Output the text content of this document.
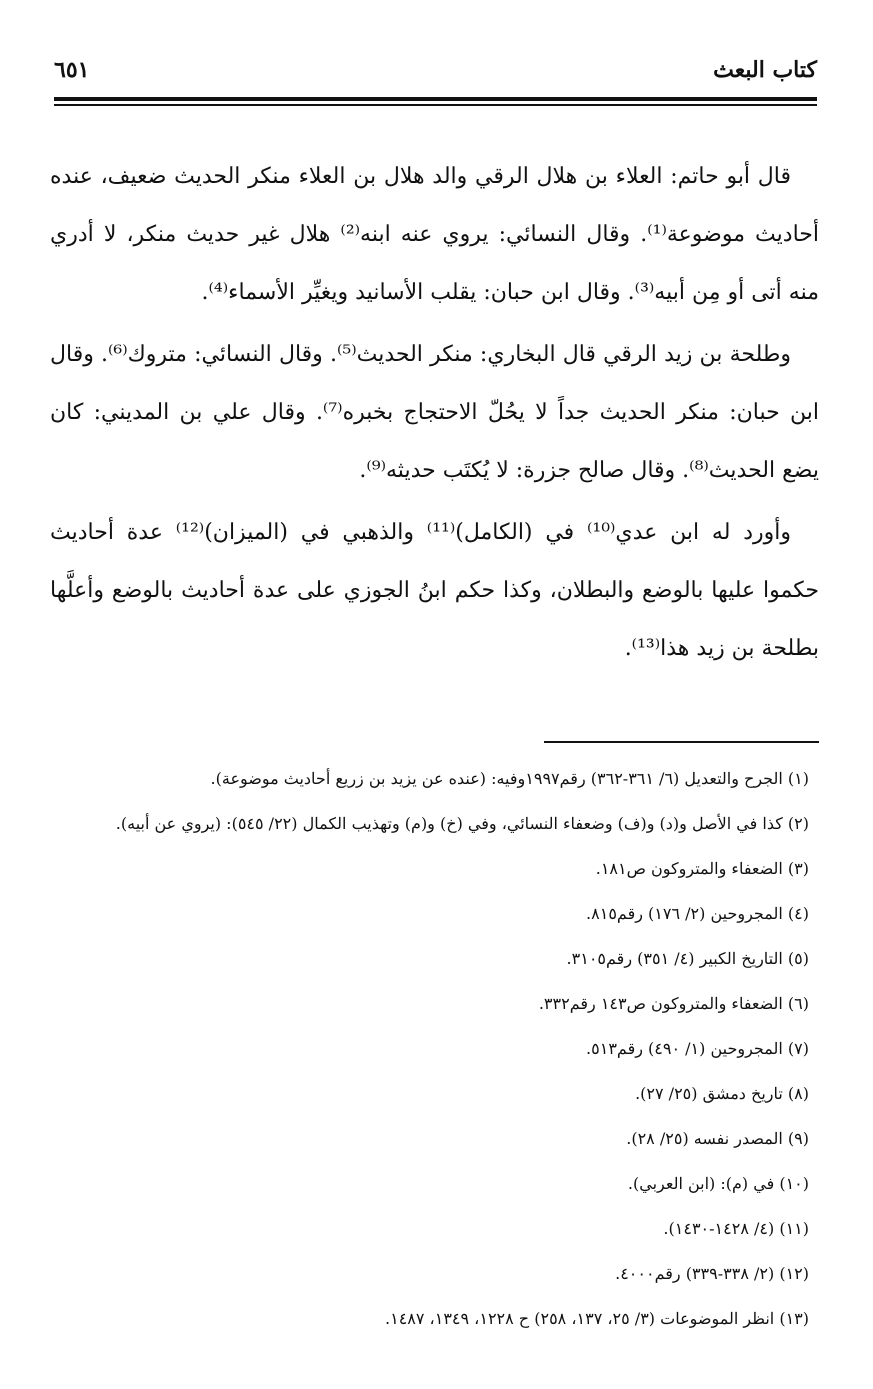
كتاب البعث
٦٥١

قال أبو حاتم: العلاء بن هلال الرقي والد هلال بن العلاء منكر الحديث ضعيف، عنده أحاديث موضوعة⁽¹⁾. وقال النسائي: يروي عنه ابنه⁽²⁾ هلال غير حديث منكر، لا أدري منه أتى أو مِن أبيه⁽³⁾. وقال ابن حبان: يقلب الأسانيد ويغيِّر الأسماء⁽⁴⁾.

وطلحة بن زيد الرقي قال البخاري: منكر الحديث⁽⁵⁾. وقال النسائي: متروك⁽⁶⁾. وقال ابن حبان: منكر الحديث جداً لا يحُلّ الاحتجاج بخبره⁽⁷⁾. وقال علي بن المديني: كان يضع الحديث⁽⁸⁾. وقال صالح جزرة: لا يُكتَب حديثه⁽⁹⁾.

وأورد له ابن عدي⁽¹⁰⁾ في (الكامل)⁽¹¹⁾ والذهبي في (الميزان)⁽¹²⁾ عدة أحاديث حكموا عليها بالوضع والبطلان، وكذا حكم ابنُ الجوزي على عدة أحاديث بالوضع وأعلَّها بطلحة بن زيد هذا⁽¹³⁾.

(١) الجرح والتعديل (٦/ ٣٦١-٣٦٢) رقم١٩٩٧وفيه: (عنده عن يزيد بن زريع أحاديث موضوعة).
(٢) كذا في الأصل و(د) و(ف) وضعفاء النسائي، وفي (خ) و(م) وتهذيب الكمال (٢٢/ ٥٤٥): (يروي عن أبيه).
(٣) الضعفاء والمتروكون ص١٨١.
(٤) المجروحين (٢/ ١٧٦) رقم٨١٥.
(٥) التاريخ الكبير (٤/ ٣٥١) رقم٣١٠٥.
(٦) الضعفاء والمتروكون ص١٤٣ رقم٣٣٢.
(٧) المجروحين (١/ ٤٩٠) رقم٥١٣.
(٨) تاريخ دمشق (٢٥/ ٢٧).
(٩) المصدر نفسه (٢٥/ ٢٨).
(١٠) في (م): (ابن العربي).
(١١) (٤/ ١٤٢٨-١٤٣٠).
(١٢) (٢/ ٣٣٨-٣٣٩) رقم٤٠٠٠.
(١٣) انظر الموضوعات (٣/ ٢٥، ١٣٧، ٢٥٨) ح ١٢٢٨، ١٣٤٩، ١٤٨٧.
